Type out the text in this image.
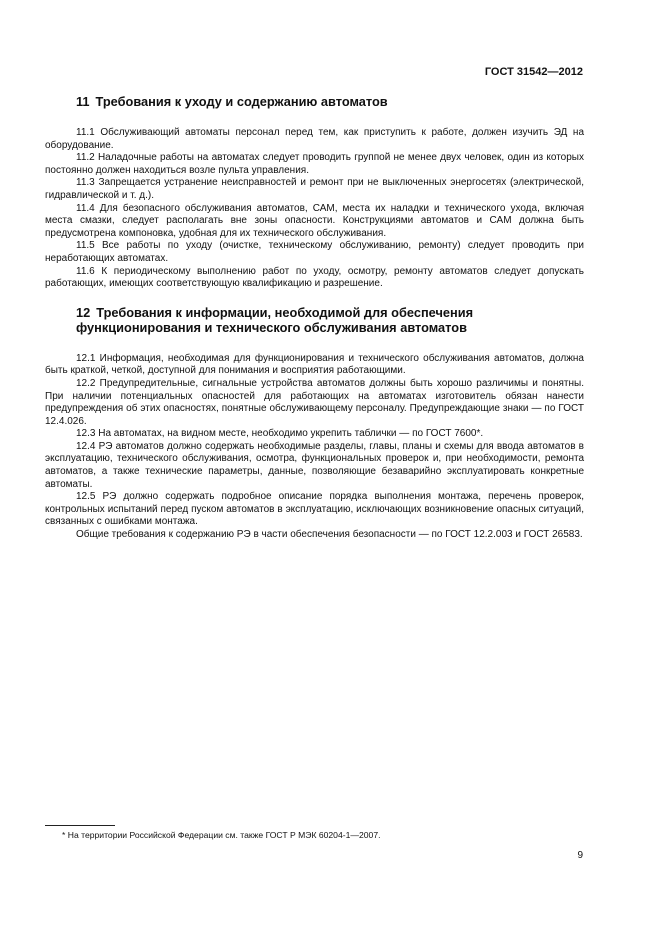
ГОСТ 31542—2012
11 Требования к уходу и содержанию автоматов

11.1 Обслуживающий автоматы персонал перед тем, как приступить к работе, должен изучить ЭД на оборудование.

11.2 Наладочные работы на автоматах следует проводить группой не менее двух человек, один из которых постоянно должен находиться возле пульта управления.

11.3 Запрещается устранение неисправностей и ремонт при не выключенных энергосетях (электрической, гидравлической и т. д.).

11.4 Для безопасного обслуживания автоматов, САМ, места их наладки и технического ухода, включая места смазки, следует располагать вне зоны опасности. Конструкциями автоматов и САМ должна быть предусмотрена компоновка, удобная для их технического обслуживания.

11.5 Все работы по уходу (очистке, техническому обслуживанию, ремонту) следует проводить при неработающих автоматах.

11.6 К периодическому выполнению работ по уходу, осмотру, ремонту автоматов следует допускать работающих, имеющих соответствующую квалификацию и разрешение.

12 Требования к информации, необходимой для обеспечения
функционирования и технического обслуживания автоматов

12.1 Информация, необходимая для функционирования и технического обслуживания автоматов, должна быть краткой, четкой, доступной для понимания и восприятия работающими.

12.2 Предупредительные, сигнальные устройства автоматов должны быть хорошо различимы и понятны. При наличии потенциальных опасностей для работающих на автоматах изготовитель обязан нанести предупреждения об этих опасностях, понятные обслуживающему персоналу. Предупреждающие знаки — по ГОСТ 12.4.026.

12.3 На автоматах, на видном месте, необходимо укрепить таблички — по ГОСТ 7600*.

12.4 РЭ автоматов должно содержать необходимые разделы, главы, планы и схемы для ввода автоматов в эксплуатацию, технического обслуживания, осмотра, функциональных проверок и, при необходимости, ремонта автоматов, а также технические параметры, данные, позволяющие безаварийно эксплуатировать конкретные автоматы.

12.5 РЭ должно содержать подробное описание порядка выполнения монтажа, перечень проверок, контрольных испытаний перед пуском автоматов в эксплуатацию, исключающих возникновение опасных ситуаций, связанных с ошибками монтажа.

Общие требования к содержанию РЭ в части обеспечения безопасности — по ГОСТ 12.2.003 и ГОСТ 26583.

* На территории Российской Федерации см. также ГОСТ Р МЭК 60204-1—2007.
9
